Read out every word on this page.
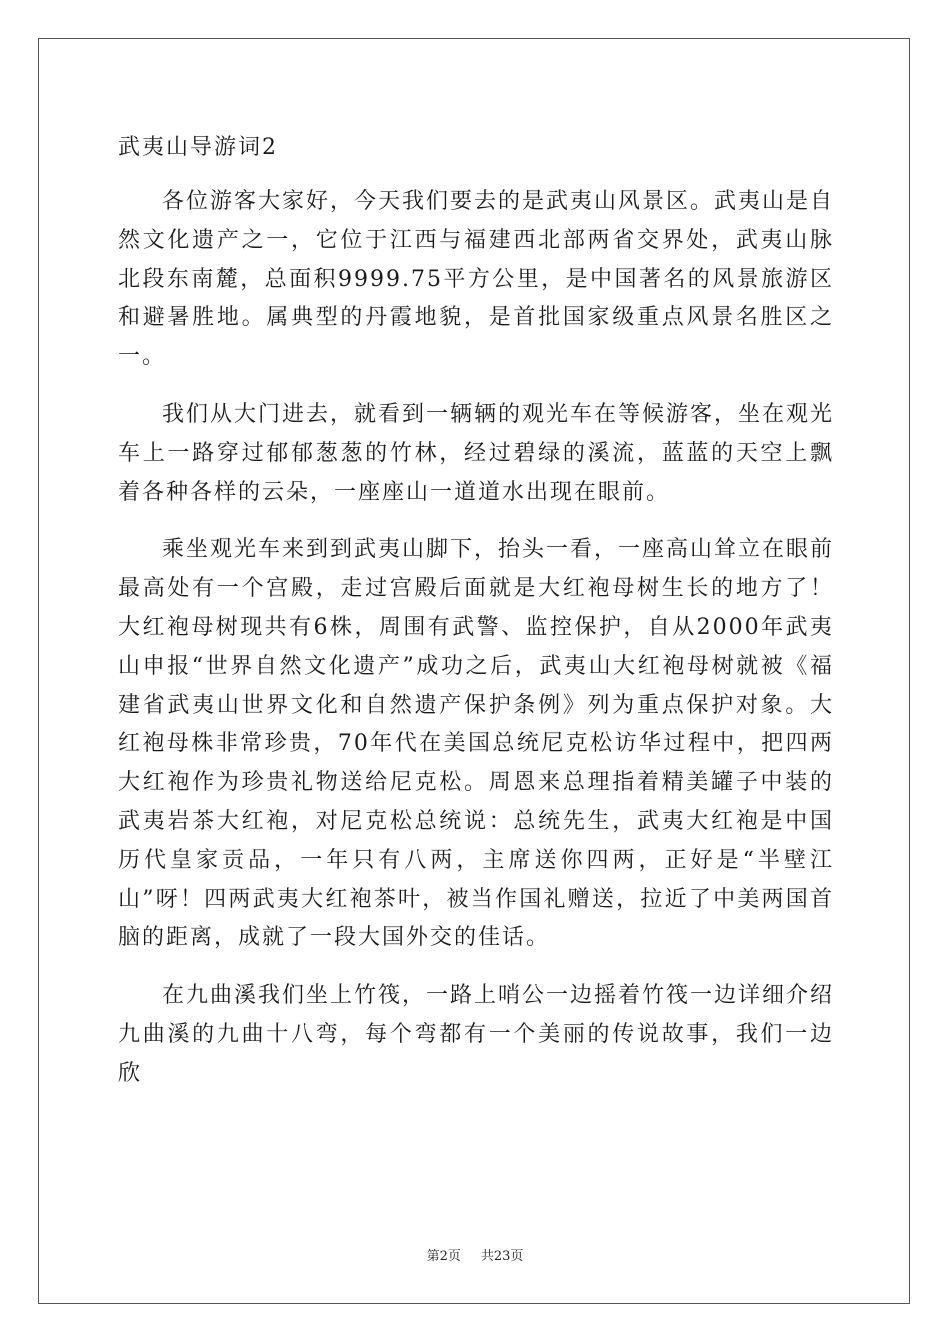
武夷山导游词2

各位游客大家好，今天我们要去的是武夷山风景区。武夷山是自然文化遗产之一，它位于江西与福建西北部两省交界处，武夷山脉北段东南麓，总面积9999.75平方公里，是中国著名的风景旅游区和避暑胜地。属典型的丹霞地貌，是首批国家级重点风景名胜区之一。

我们从大门进去，就看到一辆辆的观光车在等候游客，坐在观光车上一路穿过郁郁葱葱的竹林，经过碧绿的溪流，蓝蓝的天空上飘着各种各样的云朵，一座座山一道道水出现在眼前。

乘坐观光车来到到武夷山脚下，抬头一看，一座高山耸立在眼前最高处有一个宫殿，走过宫殿后面就是大红袍母树生长的地方了！大红袍母树现共有6株，周围有武警、监控保护，自从2000年武夷山申报“世界自然文化遗产”成功之后，武夷山大红袍母树就被《福建省武夷山世界文化和自然遗产保护条例》列为重点保护对象。大红袍母株非常珍贵，70年代在美国总统尼克松访华过程中，把四两大红袍作为珍贵礼物送给尼克松。周恩来总理指着精美罐子中装的武夷岩茶大红袍，对尼克松总统说：总统先生，武夷大红袍是中国历代皇家贡品，一年只有八两，主席送你四两，正好是“半壁江山”呀！四两武夷大红袍茶叶，被当作国礼赠送，拉近了中美两国首脑的距离，成就了一段大国外交的佳话。

在九曲溪我们坐上竹筏，一路上哨公一边摇着竹筏一边详细介绍九曲溪的九曲十八弯，每个弯都有一个美丽的传说故事，我们一边欣

第2页 共23页
